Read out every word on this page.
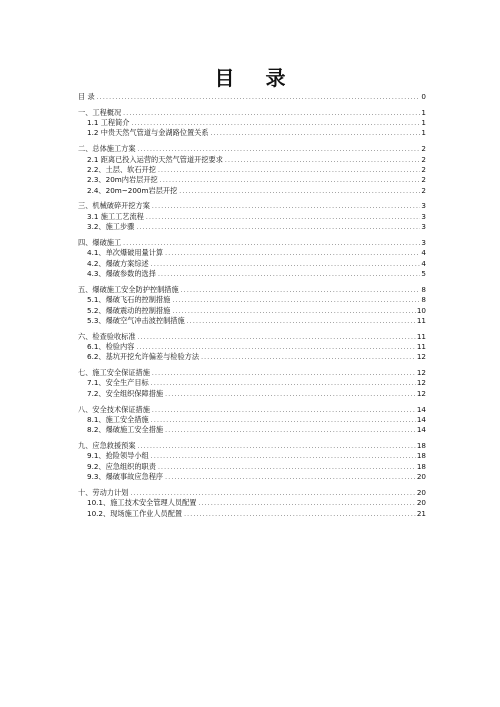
目 录
目 录 .....	0
一、工程概况 .....	1
1.1 工程简介 .....	1
1.2 中贵天然气管道与金湖路位置关系 .....	1
二、总体施工方案 .....	2
2.1 距离已投入运营的天然气管道开挖要求 .....	2
2.2、土层、软石开挖 .....	2
2.3、20m内岩层开挖 .....	2
2.4、20m~200m岩层开挖 .....	2
三、机械破碎开挖方案 .....	3
3.1 施工工艺流程 .....	3
3.2、施工步骤 .....	3
四、爆破施工 .....	3
4.1、单次爆破用量计算 .....	4
4.2、爆破方案综述 .....	4
4.3、爆破参数的选择 .....	5
五、爆破施工安全防护控制措施 .....	8
5.1、爆破飞石的控制措施 .....	8
5.2、爆破震动的控制措施 .....	10
5.3、爆破空气冲击波控制措施 .....	11
六、检查验收标准 .....	11
6.1、检验内容 .....	11
6.2、基坑开挖允许偏差与检验方法 .....	12
七、施工安全保证措施 .....	12
7.1、安全生产目标 .....	12
7.2、安全组织保障措施 .....	12
八、安全技术保证措施 .....	14
8.1、施工安全措施 .....	14
8.2、爆破施工安全措施 .....	14
九、应急救援预案 .....	18
9.1、抢险领导小组 .....	18
9.2、应急组织的职责 .....	18
9.3、爆破事故应急程序 .....	20
十、劳动力计划 .....	20
10.1、施工技术安全管理人员配置 .....	20
10.2、现场施工作业人员配置 .....	21
